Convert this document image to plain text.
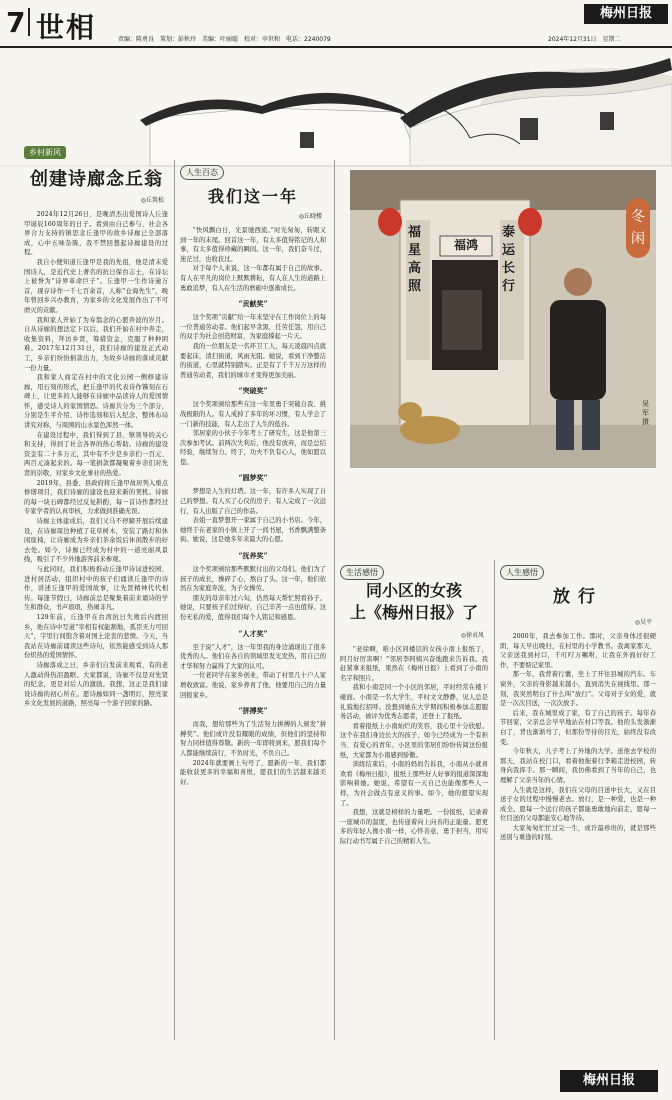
7 世相	责编：陈勇良　策划：彭秋玲　美编：叶丽聪　校对：申世和　电话：2240079
梅州日报
2024年12月31日　星期二
乡村新风
创建诗廊念丘翁
◎丘筑松

2024年12月26日，是晚清杰出爱国诗人丘逢甲诞辰160周年的日子。看到由自己参与、社会各界合力支持的镇思念丘逢甲的故乡诗廊已全部落成，心中五味杂陈，我不禁回想起诗廊建设的过程。

我自小便知道丘逢甲是我的先祖，他是清末爱国诗人，是近代史上著名的抗日保台志士，在诗坛上被誉为“诗界革命巨子”。丘逢甲一生作诗逾万首，现存诗作一千七百余首，人称“仓海先生”，晚年曾回乡兴办教育，为家乡的文化发展作出了不可磨灭的贡献。

我和家人开始了为寿翁念的心愿奔波的岁月。自从诗廊的想法定下以后，我们开始在村中奔走，收集资料，拜访乡贤，筹措资金，克服了种种困难。2017年12月31日，我们诗廊的建设正式动工，乡亲们纷纷捐款出力，为故乡诗廊的落成贡献一份力量。

我和家人商定在村中的文化公园一侧修建诗廊，用石刻的形式，把丘逢甲的代表诗作镌刻在石碑上，让更多的人能够在诗廊中品读诗人的爱国情怀，感受诗人的家国情思。诗廊共分为三个部分，分别是生平介绍、诗作选刻和后人纪念，整体布局讲究对称，与周围的山水景色浑然一体。

在建设过程中，我们得到了县、镇领导的关心和支持，得到了社会各界的热心帮助。诗廊的建设资金有二十多万元，其中有不少是乡亲们一百元、两百元凑起来的。每一笔捐款都凝聚着乡亲们对先贤的崇敬，对家乡文化事业的热爱。

2019年，县委、县政府将丘逢甲故居列入重点修缮项目，我们诗廊的建设也迎来新的契机。诗廊的每一块石碑都经过反复斟酌，每一首诗作都经过专家学者的认真审核，力求做到准确无误。

诗廊主体建成后，我们又马不停蹄开展后续建设，在诗廊周边种植了花草树木，安装了路灯和休闲座椅，让诗廊成为乡亲们茶余饭后休闲散步的好去处。如今，诗廊已经成为村中的一道亮丽风景线，吸引了不少外地游客前来参观。

与此同时，我们积极推动丘逢甲诗词进校园、进村居活动，组织村中的孩子们诵读丘逢甲的诗作，讲述丘逢甲的爱国故事，让先贤精神代代相传。每逢节假日，诗廊前总是聚集着前来诵诗的学生和群众，书声琅琅，热闹非凡。

129年前，丘逢甲在台湾抗日失败后内渡回乡，他在诗中写道“宰相有权能割地，孤臣无力可回天”，字里行间饱含着对国土沦丧的悲愤。今天，当我站在诗廊前诵读这些诗句，依然能感受到诗人那份炽热的爱国情怀。

诗廊落成之日，乡亲们自发前来观看，有的老人激动得热泪盈眶。大家都说，诗廊不仅是对先贤的纪念，更是对后人的激励。我想，这正是我们建设诗廊的初心所在。愿诗廊如同一盏明灯，照亮家乡文化发展的道路，照亮每一个游子回家的路。

人生百态
我们这一年
◎丘晓楼

“快风飘白日，光景驰西流。”时光匆匆，转眼又到一年的末尾。回首这一年，有太多值得铭记的人和事，有太多值得珍藏的瞬间。这一年，我们奋斗过，迷茫过，也收获过。

对于每个人来说，这一年都有属于自己的故事。有人在平凡的岗位上默默耕耘，有人在人生的道路上勇敢追梦，有人在生活的磨砺中逐渐成长。

“贡献奖”

这个奖项“贡献”给一年来坚守在工作岗位上的每一位普通劳动者。他们起早贪黑，任劳任怨，用自己的双手为社会创造财富，为家庭撑起一片天。

我的一位朋友是一名环卫工人，每天凌晨四点就要起床，清扫街道，风雨无阻。她说，看到干净整洁的街道，心里就特别踏实。正是有了千千万万这样的普通劳动者，我们的城市才变得更加美丽。

“突破奖”

这个奖项颁给那些在这一年里勇于突破自我、挑战极限的人。有人戒掉了多年的坏习惯，有人学会了一门新的技能，有人走出了人生的低谷。

邻居家的小伙子今年考上了研究生，这是他第三次参加考试。前两次失利后，他没有放弃，而是总结经验，继续努力。终于，功夫不负有心人，他如愿以偿。

“圆梦奖”

梦想是人生的灯塔。这一年，有许多人实现了自己的梦想。有人买了心仪的房子，有人完成了一次远行，有人出版了自己的作品。

表姐一直梦想开一家属于自己的小书店。今年，她终于在老家的小镇上开了一间书屋，书香飘满整条街。她说，这是她多年来最大的心愿。

“抚养奖”

这个奖项颁给那些默默付出的父母们。他们为了孩子的成长，操碎了心，熬白了头。这一年，他们依然在为家庭奔波，为子女操劳。

朋友的母亲年过六旬，仍然每天帮忙照看孙子。她说，只要孩子们过得好，自己辛苦一点也值得。这份无私的爱，值得我们每个人铭记和感恩。

“人才奖”

至于说“人才”，这一年里我的身边涌现出了很多优秀的人。他们在各自的领域里发光发热，用自己的才华和努力赢得了大家的认可。

一位老同学在家乡创业，带动了村里几十户人家增收致富。他说，家乡养育了他，他要用自己的力量回报家乡。

“拼搏奖”

而我，想给那些为了生活努力拼搏的人颁发“拼搏奖”。他们或许没有耀眼的成绩，但他们的坚持和努力同样值得尊敬。新的一年即将到来，愿我们每个人都能继续前行，不负时光，不负自己。

2024年就要画上句号了，愿新的一年，我们都能收获更多的幸福和喜悦，愿我们的生活越来越美好。

福鸿
福星高照
泰运长行
冬闲
吴军 摄
生活感悟
同小区的女孩
上《梅州日报》了
◎徐贞凤

“老徐啊，咱小区同楼层的女孩小南上报纸了，阿月好厉害啊！”邻居李阿姨兴奋地跑来告诉我。我赶紧拿来报纸，果然在《梅州日报》上看到了小南的名字和照片。

我和小南是同一个小区的邻居，平时经常在楼下碰面。小南是一名大学生，平时文文静静，见人总是礼貌地打招呼。没想到她在大学期间积极参加志愿服务活动，被评为优秀志愿者，还登上了报纸。

看着报纸上小南灿烂的笑容，我心里十分欣慰。这个在我们身边长大的孩子，如今已经成为一个有担当、有爱心的青年。小区里的邻居们纷纷传阅这份报纸，大家都为小南感到骄傲。

训练结束后，小南的妈妈告诉我，小南从小就喜欢看《梅州日报》，报纸上那些好人好事的报道深深地影响着她。她说，希望有一天自己也能像那些人一样，为社会做点有意义的事。如今，她的愿望实现了。

我想，这就是榜样的力量吧。一份报纸，记录着一座城市的温度，也传递着向上向善的正能量。愿更多的年轻人像小南一样，心怀善意，勇于担当，用实际行动书写属于自己的精彩人生。

人生感悟
放行
◎吴平

2000年，我去参加工作。那时，父亲身体还很硬朗，每天早出晚归，在村里的小学教书。我离家那天，父亲送我到村口，千叮咛万嘱咐，让我在外面好好工作，不要惦记家里。

那一年，我背着行囊，坐上了开往县城的汽车。车窗外，父亲的身影越来越小，直到消失在视线里。那一刻，我突然明白了什么叫“放行”。父母对子女的爱，就是一次次目送，一次次放手。

后来，我在城里成了家，有了自己的孩子。每年春节回家，父亲总会早早地站在村口等我。他的头发渐渐白了，背也渐渐弯了，但那份等待的目光，始终没有改变。

今年秋天，儿子考上了外地的大学。送他去学校的那天，我站在校门口，看着他拖着行李箱走进校园，转身向我挥手。那一瞬间，我仿佛看到了当年的自己，也理解了父亲当年的心情。

人生就是这样，我们在父母的目送中长大，又在目送子女的过程中慢慢老去。放行，是一种爱，也是一种成全。愿每一个远行的孩子都能勇敢地向前走，愿每一位目送的父母都能安心地等待。

大家匆匆忙忙过完一生，或许最珍贵的，就是那些送别与重逢的时刻。

梅州日报
